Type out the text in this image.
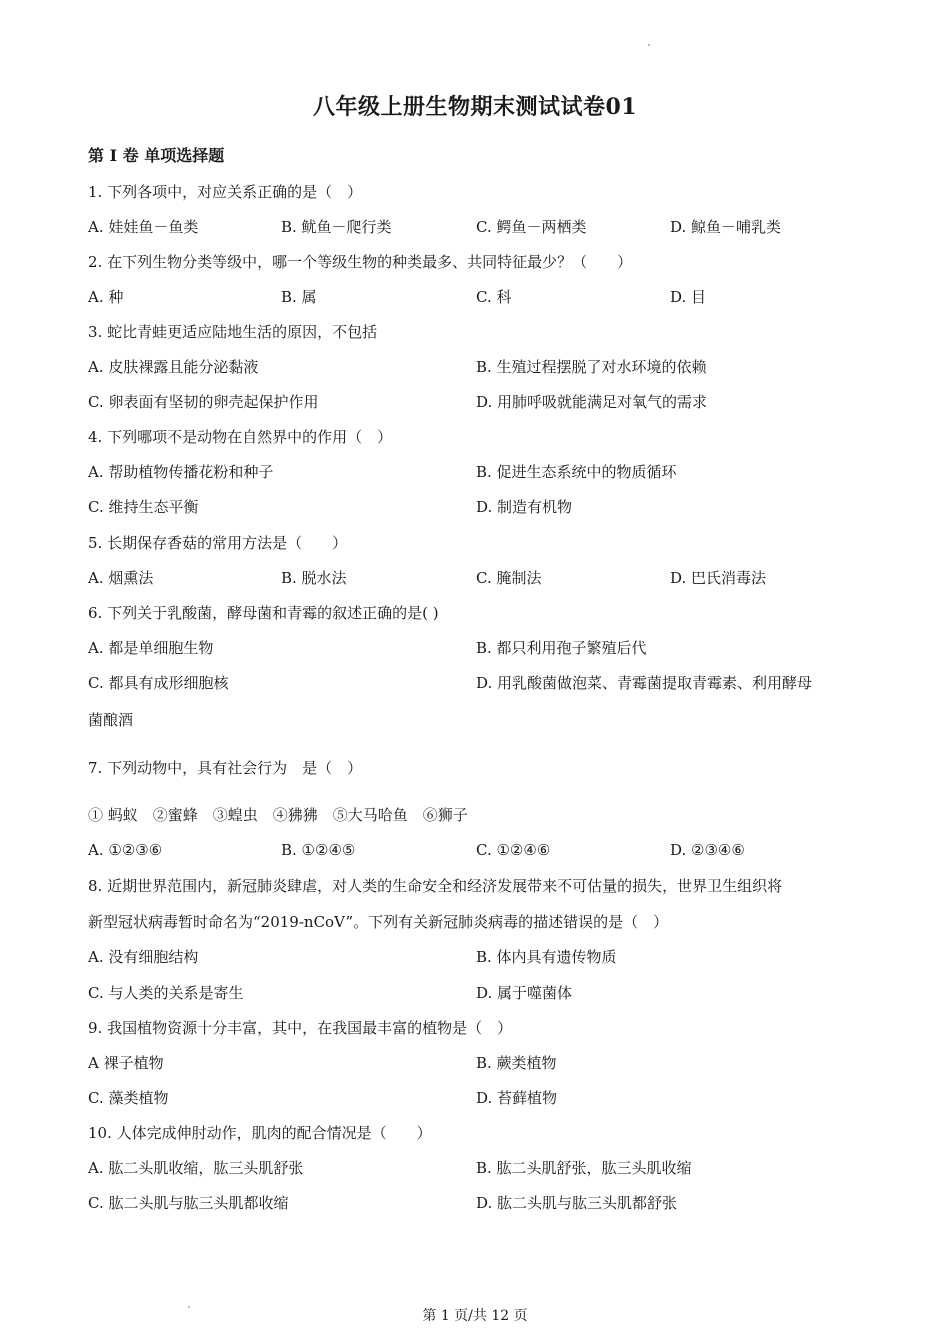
八年级上册生物期末测试试卷01
第 I 卷 单项选择题
1. 下列各项中，对应关系正确的是（　）
A. 娃娃鱼－鱼类	B. 鱿鱼－爬行类	C. 鳄鱼－两栖类	D. 鲸鱼－哺乳类
2. 在下列生物分类等级中，哪一个等级生物的种类最多、共同特征最少？（　　）
A. 种	B. 属	C. 科	D. 目
3. 蛇比青蛙更适应陆地生活的原因，不包括
A. 皮肤裸露且能分泌黏液	B. 生殖过程摆脱了对水环境的依赖
C. 卵表面有坚韧的卵壳起保护作用	D. 用肺呼吸就能满足对氧气的需求
4. 下列哪项不是动物在自然界中的作用（　）
A. 帮助植物传播花粉和种子	B. 促进生态系统中的物质循环
C. 维持生态平衡	D. 制造有机物
5. 长期保存香菇的常用方法是（　　）
A. 烟熏法	B. 脱水法	C. 腌制法	D. 巴氏消毒法
6. 下列关于乳酸菌，酵母菌和青霉的叙述正确的是( )
A. 都是单细胞生物	B. 都只利用孢子繁殖后代
C. 都具有成形细胞核	D. 用乳酸菌做泡菜、青霉菌提取青霉素、利用酵母
菌酿酒
7. 下列动物中，具有社会行为　是（　）
① 蚂蚁　②蜜蜂　③蝗虫　④狒狒　⑤大马哈鱼　⑥狮子
A. ①②③⑥	B. ①②④⑤	C. ①②④⑥	D. ②③④⑥
8. 近期世界范围内，新冠肺炎肆虐，对人类的生命安全和经济发展带来不可估量的损失，世界卫生组织将
新型冠状病毒暂时命名为“2019-nCoV”。下列有关新冠肺炎病毒的描述错误的是（　）
A. 没有细胞结构	B. 体内具有遗传物质
C. 与人类的关系是寄生	D. 属于噬菌体
9. 我国植物资源十分丰富，其中，在我国最丰富的植物是（　）
A 裸子植物	B. 蕨类植物
C. 藻类植物	D. 苔藓植物
10. 人体完成伸肘动作，肌肉的配合情况是（　　）
A. 肱二头肌收缩，肱三头肌舒张	B. 肱二头肌舒张，肱三头肌收缩
C. 肱二头肌与肱三头肌都收缩	D. 肱二头肌与肱三头肌都舒张
第 1 页/共 12 页
